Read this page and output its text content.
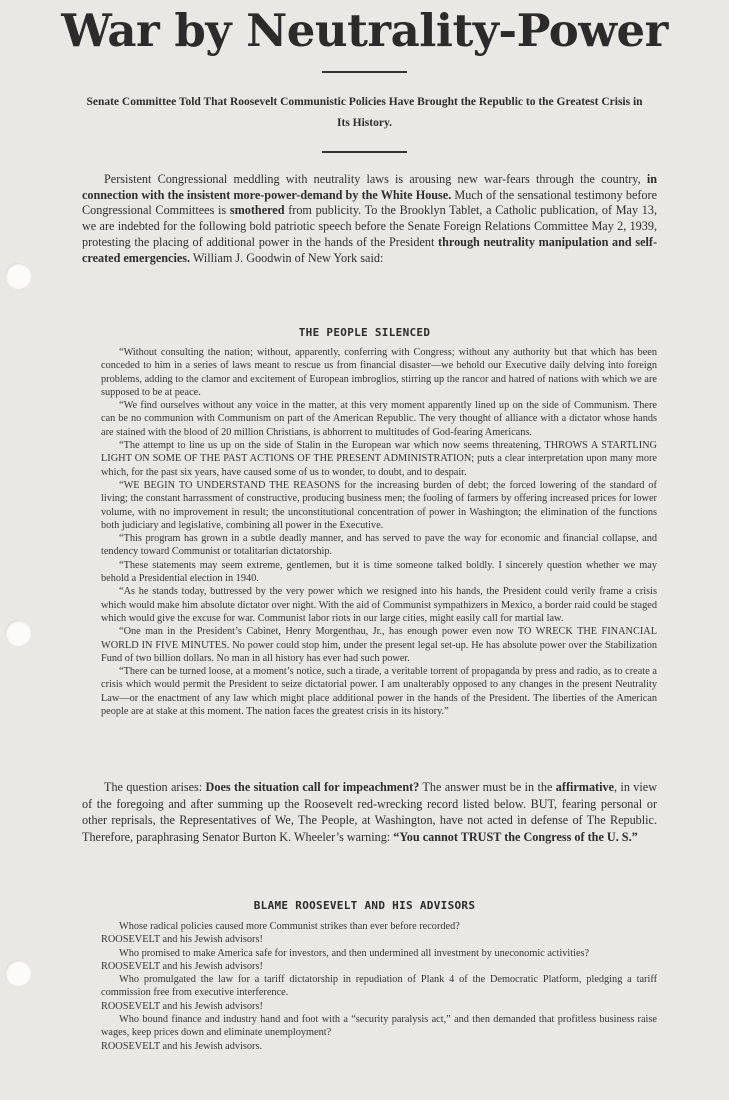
War by Neutrality-Power
Senate Committee Told That Roosevelt Communistic Policies Have Brought the Republic to the Greatest Crisis in Its History.
Persistent Congressional meddling with neutrality laws is arousing new war-fears through the country, in connection with the insistent more-power-demand by the White House. Much of the sensational testimony before Congressional Committees is smothered from publicity. To the Brooklyn Tablet, a Catholic publication, of May 13, we are indebted for the following bold patriotic speech before the Senate Foreign Relations Committee May 2, 1939, protesting the placing of additional power in the hands of the President through neutrality manipulation and self-created emergencies. William J. Goodwin of New York said:
THE PEOPLE SILENCED

“Without consulting the nation; without, apparently, conferring with Congress; without any authority but that which has been conceded to him in a series of laws meant to rescue us from financial disaster—we behold our Executive daily delving into foreign problems, adding to the clamor and excitement of European imbroglios, stirring up the rancor and hatred of nations with which we are supposed to be at peace.

“We find ourselves without any voice in the matter, at this very moment apparently lined up on the side of Communism. There can be no communion with Communism on part of the American Republic. The very thought of alliance with a dictator whose hands are stained with the blood of 20 million Christians, is abhorrent to multitudes of God-fearing Americans.

“The attempt to line us up on the side of Stalin in the European war which now seems threatening, THROWS A STARTLING LIGHT ON SOME OF THE PAST ACTIONS OF THE PRESENT ADMINISTRATION; puts a clear interpretation upon many more which, for the past six years, have caused some of us to wonder, to doubt, and to despair.

“WE BEGIN TO UNDERSTAND THE REASONS for the increasing burden of debt; the forced lowering of the standard of living; the constant harrassment of constructive, producing business men; the fooling of farmers by offering increased prices for lower volume, with no improvement in result; the unconstitutional concentration of power in Washington; the elimination of the functions both judiciary and legislative, combining all power in the Executive.

“This program has grown in a subtle deadly manner, and has served to pave the way for economic and financial collapse, and tendency toward Communist or totalitarian dictatorship.

“These statements may seem extreme, gentlemen, but it is time someone talked boldly. I sincerely question whether we may behold a Presidential election in 1940.

“As he stands today, buttressed by the very power which we resigned into his hands, the President could verily frame a crisis which would make him absolute dictator over night. With the aid of Communist sympathizers in Mexico, a border raid could be staged which would give the excuse for war. Communist labor riots in our large cities, might easily call for martial law.

“One man in the President’s Cabinet, Henry Morgenthau, Jr., has enough power even now TO WRECK THE FINANCIAL WORLD IN FIVE MINUTES. No power could stop him, under the present legal set-up. He has absolute power over the Stabilization Fund of two billion dollars. No man in all history has ever had such power.

“There can be turned loose, at a moment’s notice, such a tirade, a veritable torrent of propaganda by press and radio, as to create a crisis which would permit the President to seize dictatorial power. I am unalterably opposed to any changes in the present Neutrality Law—or the enactment of any law which might place additional power in the hands of the President. The liberties of the American people are at stake at this moment. The nation faces the greatest crisis in its history.”

The question arises: Does the situation call for impeachment? The answer must be in the affirmative, in view of the foregoing and after summing up the Roosevelt red-wrecking record listed below. BUT, fearing personal or other reprisals, the Representatives of We, The People, at Washington, have not acted in defense of The Republic. Therefore, paraphrasing Senator Burton K. Wheeler’s warning: “You cannot TRUST the Congress of the U. S.”
BLAME ROOSEVELT AND HIS ADVISORS

Whose radical policies caused more Communist strikes than ever before recorded?

ROOSEVELT and his Jewish advisors!

Who promised to make America safe for investors, and then undermined all investment by uneconomic activities?

ROOSEVELT and his Jewish advisors!

Who promulgated the law for a tariff dictatorship in repudiation of Plank 4 of the Democratic Platform, pledging a tariff commission free from executive interference.

ROOSEVELT and his Jewish advisors!

Who bound finance and industry hand and foot with a “security paralysis act,” and then demanded that profitless business raise wages, keep prices down and eliminate unemployment?

ROOSEVELT and his Jewish advisors.
